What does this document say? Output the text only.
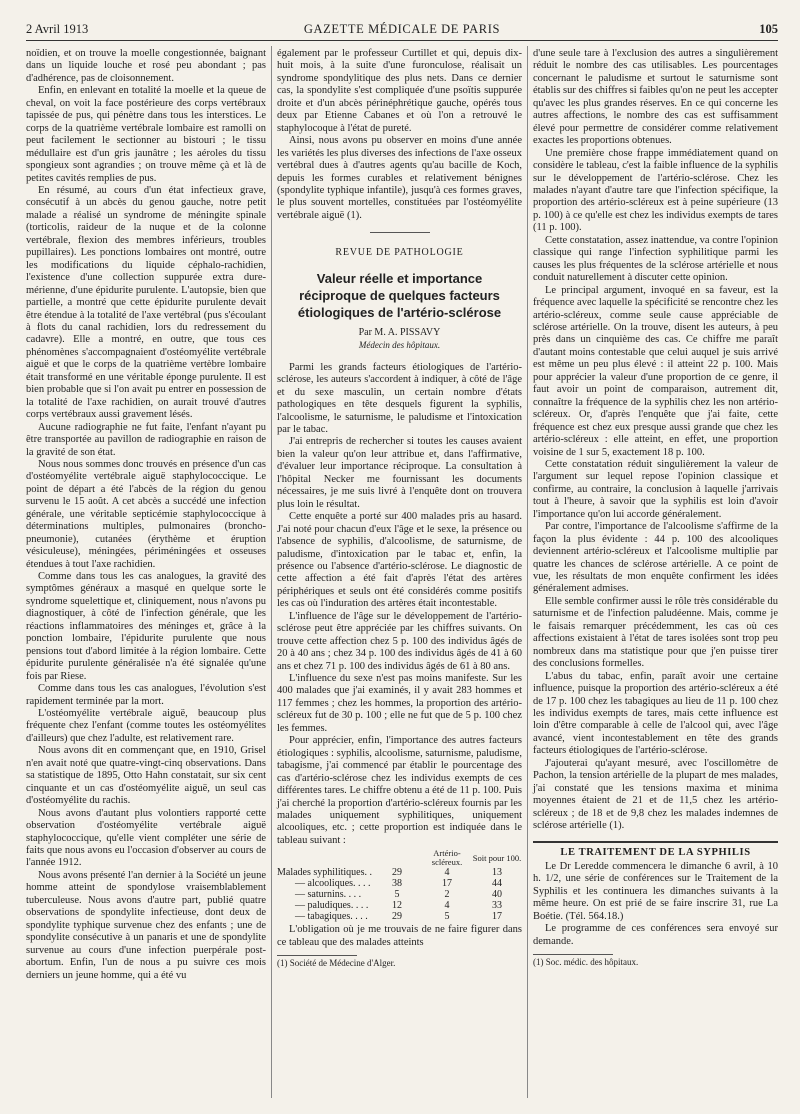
2 Avril 1913	GAZETTE MÉDICALE DE PARIS	105

noïdien, et on trouve la moelle congestionnée, baignant dans un liquide louche et rosé peu abondant ; pas d'adhérence, pas de cloisonnement.

Enfin, en enlevant en totalité la moelle et la queue de cheval, on voit la face postérieure des corps vertébraux tapissée de pus, qui pénètre dans tous les interstices. Le corps de la quatrième vertébrale lombaire est ramolli on peut facilement le sectionner au bistouri ; le tissu médullaire est d'un gris jaunâtre ; les aéroles du tissu spongieux sont agrandies ; on trouve même çà et là de petites cavités remplies de pus.

En résumé, au cours d'un état infectieux grave, consécutif à un abcès du genou gauche, notre petit malade a réalisé un syndrome de méningite spinale (torticolis, raideur de la nuque et de la colonne vertébrale, flexion des membres inférieurs, troubles pupillaires). Les ponctions lombaires ont montré, outre les modifications du liquide céphalo-rachidien, l'existence d'une collection suppurée extra dure-mérienne, d'une épidurite purulente. L'autopsie, bien que partielle, a montré que cette épidurite purulente devait être étendue à la totalité de l'axe vertébral (pus s'écoulant à flots du canal rachidien, lors du redressement du cadavre). Elle a montré, en outre, que tous ces phénomènes s'accompagnaient d'ostéomyélite vertébrale aiguë et que le corps de la quatrième vertèbre lombaire était transformé en une véritable éponge purulente. Il est bien probable que si l'on avait pu entrer en possession de la totalité de l'axe rachidien, on aurait trouvé d'autres corps vertébraux aussi gravement lésés.

Aucune radiographie ne fut faite, l'enfant n'ayant pu être transportée au pavillon de radiographie en raison de la gravité de son état.

Nous nous sommes donc trouvés en présence d'un cas d'ostéomyélite vertébrale aiguë staphylococcique. Le point de départ a été l'abcès de la région du genou survenu le 15 août. A cet abcès a succédé une infection générale, une véritable septicémie staphylococcique à déterminations multiples, pulmonaires (broncho-pneumonie), cutanées (érythème et éruption vésiculeuse), méningées, périméningées et osseuses étendues à tout l'axe rachidien.

Comme dans tous les cas analogues, la gravité des symptômes généraux a masqué en quelque sorte le syndrome squelettique et, cliniquement, nous n'avons pu diagnostiquer, à côté de l'infection générale, que les réactions inflammatoires des méninges et, grâce à la ponction lombaire, l'épidurite purulente que nous pensions tout d'abord limitée à la région lombaire. Cette épidurite purulente généralisée n'a été signalée qu'une fois par Riese.

Comme dans tous les cas analogues, l'évolution s'est rapidement terminée par la mort.

L'ostéomyélite vertébrale aiguë, beaucoup plus fréquente chez l'enfant (comme toutes les ostéomyélites d'ailleurs) que chez l'adulte, est relativement rare.

Nous avons dit en commençant que, en 1910, Grisel n'en avait noté que quatre-vingt-cinq observations. Dans sa statistique de 1895, Otto Hahn constatait, sur six cent cinquante et un cas d'ostéomyélite aiguë, un seul cas d'ostéomyélite du rachis.

Nous avons d'autant plus volontiers rapporté cette observation d'ostéomyélite vertébrale aiguë staphylococcique, qu'elle vient compléter une série de faits que nous avons eu l'occasion d'observer au cours de l'année 1912.

Nous avons présenté l'an dernier à la Société un jeune homme atteint de spondylose vraisemblablement tuberculeuse. Nous avons d'autre part, publié quatre observations de spondylite infectieuse, dont deux de spondylite typhique survenue chez des enfants ; une de spondylite consécutive à un panaris et une de spondylite survenue au cours d'une infection puerpérale post-abortum. Enfin, l'un de nous a pu suivre ces mois derniers un jeune homme, qui a été vu

également par le professeur Curtillet et qui, depuis dix-huit mois, à la suite d'une furonculose, réalisait un syndrome spondylitique des plus nets. Dans ce dernier cas, la spondylite s'est compliquée d'une psoïtis suppurée droite et d'un abcès périnéphrétique gauche, opérés tous deux par Etienne Cabanes et où l'on a retrouvé le staphylocoque à l'état de pureté.

Ainsi, nous avons pu observer en moins d'une année les variétés les plus diverses des infections de l'axe osseux vertébral dues à d'autres agents qu'au bacille de Koch, depuis les formes curables et relativement bénignes (spondylite typhique infantile), jusqu'à ces formes graves, le plus souvent mortelles, constituées par l'ostéomyélite vertébrale aiguë (1).

REVUE DE PATHOLOGIE
Valeur réelle et importance réciproque de quelques facteurs étiologiques de l'artério-sclérose
Par M. A. PISSAVY
Médecin des hôpitaux.

Parmi les grands facteurs étiologiques de l'artério-sclérose, les auteurs s'accordent à indiquer, à côté de l'âge et du sexe masculin, un certain nombre d'états pathologiques en tête desquels figurent la syphilis, l'alcoolisme, le saturnisme, le paludisme et l'intoxication par le tabac.

J'ai entrepris de rechercher si toutes les causes avaient bien la valeur qu'on leur attribue et, dans l'affirmative, d'évaluer leur importance réciproque. La consultation à l'hôpital Necker me fournissant les documents nécessaires, je me suis livré à l'enquête dont on trouvera plus loin le résultat.

Cette enquête a porté sur 400 malades pris au hasard. J'ai noté pour chacun d'eux l'âge et le sexe, la présence ou l'absence de syphilis, d'alcoolisme, de saturnisme, de paludisme, d'intoxication par le tabac et, enfin, la présence ou l'absence d'artério-sclérose. Le diagnostic de cette affection a été fait d'après l'état des artères périphériques et seuls ont été considérés comme positifs les cas où l'induration des artères était incontestable.

L'influence de l'âge sur le développement de l'artério-sclérose peut être appréciée par les chiffres suivants. On trouve cette affection chez 5 p. 100 des individus âgés de 20 à 40 ans ; chez 34 p. 100 des individus âgés de 41 à 60 ans et chez 71 p. 100 des individus âgés de 61 à 80 ans.

L'influence du sexe n'est pas moins manifeste. Sur les 400 malades que j'ai examinés, il y avait 283 hommes et 117 femmes ; chez les hommes, la proportion des artério-scléreux fut de 30 p. 100 ; elle ne fut que de 5 p. 100 chez les femmes.

Pour apprécier, enfin, l'importance des autres facteurs étiologiques : syphilis, alcoolisme, saturnisme, paludisme, tabagisme, j'ai commencé par établir le pourcentage des cas d'artério-sclérose chez les individus exempts de ces différentes tares. Le chiffre obtenu a été de 11 p. 100. Puis j'ai cherché la proportion d'artério-scléreux fournis par les malades uniquement syphilitiques, uniquement alcooliques, etc. ; cette proportion est indiquée dans le tableau suivant :

		Artério-scléreux.	Soit pour 100.
Malades syphilitiques. .	29	4	13
— alcooliques. . . .	38	17	44
— saturnins. . . .	5	2	40
— paludiques. . . .	12	4	33
— tabagiques. . . .	29	5	17

L'obligation où je me trouvais de ne faire figurer dans ce tableau que des malades atteints

(1) Société de Médecine d'Alger.

d'une seule tare à l'exclusion des autres a singulièrement réduit le nombre des cas utilisables. Les pourcentages concernant le paludisme et surtout le saturnisme sont établis sur des chiffres si faibles qu'on ne peut les accepter qu'avec les plus grandes réserves. En ce qui concerne les autres affections, le nombre des cas est suffisamment élevé pour permettre de considérer comme relativement exactes les proportions obtenues.

Une première chose frappe immédiatement quand on considère le tableau, c'est la faible influence de la syphilis sur le développement de l'artério-sclérose. Chez les malades n'ayant d'autre tare que l'infection spécifique, la proportion des artério-scléreux est à peine supérieure (13 p. 100) à ce qu'elle est chez les individus exempts de tares (11 p. 100).

Cette constatation, assez inattendue, va contre l'opinion classique qui range l'infection syphilitique parmi les causes les plus fréquentes de la sclérose artérielle et nous conduit naturellement à discuter cette opinion.

Le principal argument, invoqué en sa faveur, est la fréquence avec laquelle la spécificité se rencontre chez les artério-scléreux, comme seule cause appréciable de sclérose artérielle. On la trouve, disent les auteurs, à peu près dans un cinquième des cas. Ce chiffre me paraît d'autant moins contestable que celui auquel je suis arrivé est même un peu plus élevé : il atteint 22 p. 100. Mais pour apprécier la valeur d'une proportion de ce genre, il faut avoir un point de comparaison, autrement dit, connaître la fréquence de la syphilis chez les non artério-scléreux. Or, d'après l'enquête que j'ai faite, cette fréquence est chez eux presque aussi grande que chez les artério-scléreux : elle atteint, en effet, une proportion voisine de 1 sur 5, exactement 18 p. 100.

Cette constatation réduit singulièrement la valeur de l'argument sur lequel repose l'opinion classique et confirme, au contraire, la conclusion à laquelle j'arrivais tout à l'heure, à savoir que la syphilis est loin d'avoir l'importance qu'on lui accorde généralement.

Par contre, l'importance de l'alcoolisme s'affirme de la façon la plus évidente : 44 p. 100 des alcooliques deviennent artério-scléreux et l'alcoolisme multiplie par quatre les chances de sclérose artérielle. A ce point de vue, les résultats de mon enquête confirment les idées généralement admises.

Elle semble confirmer aussi le rôle très considérable du saturnisme et de l'infection paludéenne. Mais, comme je le faisais remarquer précédemment, les cas où ces affections existaient à l'état de tares isolées sont trop peu nombreux dans ma statistique pour que j'en puisse tirer des conclusions formelles.

L'abus du tabac, enfin, paraît avoir une certaine influence, puisque la proportion des artério-scléreux a été de 17 p. 100 chez les tabagiques au lieu de 11 p. 100 chez les individus exempts de tares, mais cette influence est loin d'être comparable à celle de l'alcool qui, avec l'âge avancé, vient incontestablement en tête des grands facteurs étiologiques de l'artério-sclérose.

J'ajouterai qu'ayant mesuré, avec l'oscillomètre de Pachon, la tension artérielle de la plupart de mes malades, j'ai constaté que les tensions maxima et minima moyennes étaient de 21 et de 11,5 chez les artério-scléreux ; de 18 et de 9,8 chez les malades indemnes de sclérose artérielle (1).

LE TRAITEMENT DE LA SYPHILIS

Le Dr Leredde commencera le dimanche 6 avril, à 10 h. 1/2, une série de conférences sur le Traitement de la Syphilis et les continuera les dimanches suivants à la même heure. On est prié de se faire inscrire 31, rue La Boétie. (Tél. 564.18.)

Le programme de ces conférences sera envoyé sur demande.

(1) Soc. médic. des hôpitaux.
